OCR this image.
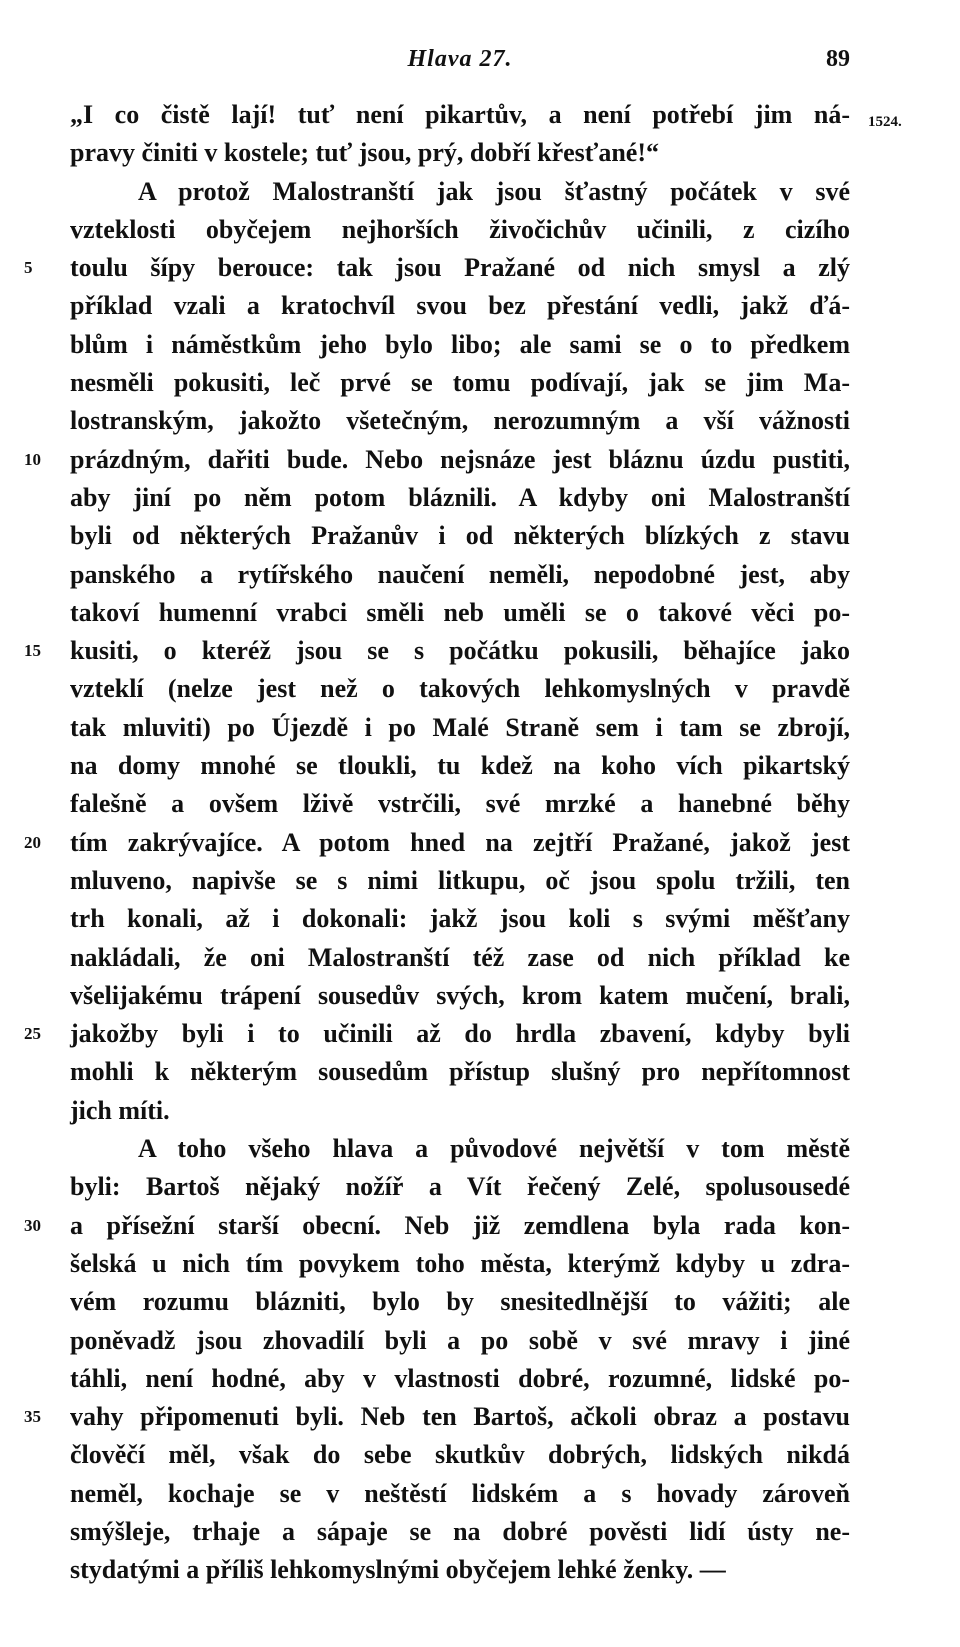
Hlava 27.	89
1524.
„I co čistě lají! tuť není pikartův, a není potřebí jim ná-
pravy činiti v kostele; tuť jsou, prý, dobří křesťané!“
A protož Malostranští jak jsou šťastný počátek v své
vzteklosti obyčejem nejhorších živočichův učinili, z cizího
5	toulu šípy berouce: tak jsou Pražané od nich smysl a zlý
příklad vzali a kratochvíl svou bez přestání vedli, jakž ďá-
blům i náměstkům jeho bylo libo; ale sami se o to předkem
nesměli pokusiti, leč prvé se tomu podívají, jak se jim Ma-
lostranským, jakožto všetečným, nerozumným a vší vážnosti
10	prázdným, dařiti bude. Nebo nejsnáze jest bláznu úzdu pustiti,
aby jiní po něm potom bláznili. A kdyby oni Malostranští
byli od některých Pražanův i od některých blízkých z stavu
panského a rytířského naučení neměli, nepodobné jest, aby
takoví humenní vrabci směli neb uměli se o takové věci po-
15	kusiti, o kteréž jsou se s počátku pokusili, běhajíce jako
vzteklí (nelze jest než o takových lehkomyslných v pravdě
tak mluviti) po Újezdě i po Malé Straně sem i tam se zbrojí,
na domy mnohé se tloukli, tu kdež na koho vích pikartský
falešně a ovšem lživě vstrčili, své mrzké a hanebné běhy
20	tím zakrývajíce. A potom hned na zejtří Pražané, jakož jest
mluveno, napivše se s nimi litkupu, oč jsou spolu tržili, ten
trh konali, až i dokonali: jakž jsou koli s svými měšťany
nakládali, že oni Malostranští též zase od nich příklad ke
všelijakému trápení sousedův svých, krom katem mučení, brali,
25	jakožby byli i to učinili až do hrdla zbavení, kdyby byli
mohli k některým sousedům přístup slušný pro nepřítomnost
jich míti.
A toho všeho hlava a původové největší v tom městě
byli: Bartoš nějaký nožíř a Vít řečený Zelé, spolusousedé
30	a přísežní starší obecní. Neb již zemdlena byla rada kon-
šelská u nich tím povykem toho města, kterýmž kdyby u zdra-
vém rozumu blázniti, bylo by snesitedlnější to vážiti; ale
poněvadž jsou zhovadilí byli a po sobě v své mravy i jiné
táhli, není hodné, aby v vlastnosti dobré, rozumné, lidské po-
35	vahy připomenuti byli. Neb ten Bartoš, ačkoli obraz a postavu
člověčí měl, však do sebe skutkův dobrých, lidských nikdá
neměl, kochaje se v neštěstí lidském a s hovady zároveň
smýšleje, trhaje a sápaje se na dobré pověsti lidí ústy ne-
stydatými a příliš lehkomyslnými obyčejem lehké ženky. —
